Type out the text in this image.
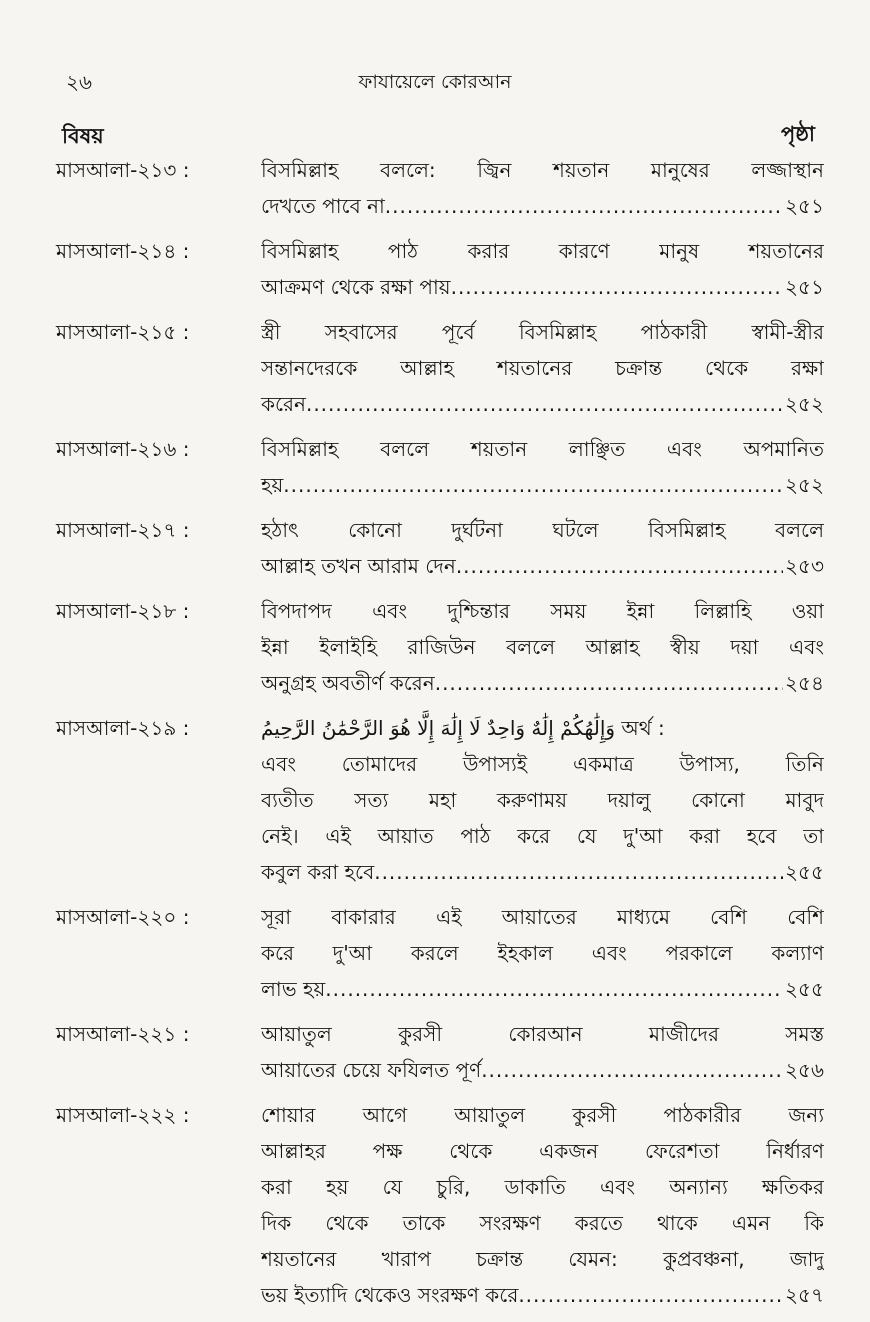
২৬	ফাযায়েলে কোরআন
বিষয়	পৃষ্ঠা
মাসআলা-২১৩ :	বিসমিল্লাহ বললে: জ্বিন শয়তান মানুষের লজ্জাস্থান
দেখতে পাবে না .....	২৫১
মাসআলা-২১৪ :	বিসমিল্লাহ পাঠ করার কারণে মানুষ শয়তানের
আক্রমণ থেকে রক্ষা পায় .....	২৫১
মাসআলা-২১৫ :	স্ত্রী সহবাসের পূর্বে বিসমিল্লাহ পাঠকারী স্বামী-স্ত্রীর
সন্তানদেরকে আল্লাহ শয়তানের চক্রান্ত থেকে রক্ষা
করেন .....	২৫২
মাসআলা-২১৬ :	বিসমিল্লাহ বললে শয়তান লাঞ্ছিত এবং অপমানিত
হয় .....	২৫২
মাসআলা-২১৭ :	হঠাৎ কোনো দুর্ঘটনা ঘটলে বিসমিল্লাহ বললে
আল্লাহ তখন আরাম দেন .....	২৫৩
মাসআলা-২১৮ :	বিপদাপদ এবং দুশ্চিন্তার সময় ইন্না লিল্লাহি ওয়া
ইন্না ইলাইহি রাজিউন বললে আল্লাহ স্বীয় দয়া এবং
অনুগ্রহ অবতীর্ণ করেন .....	২৫৪
মাসআলা-২১৯ :	وَإِلَٰهُكُمْ إِلَٰهٌ وَاحِدٌ لَا إِلَٰهَ إِلَّا هُوَ الرَّحْمَٰنُ الرَّحِيمُ অর্থ :
এবং তোমাদের উপাস্যই একমাত্র উপাস্য, তিনি
ব্যতীত সত্য মহা করুণাময় দয়ালু কোনো মাবুদ
নেই। এই আয়াত পাঠ করে যে দু'আ করা হবে তা
কবুল করা হবে .....	২৫৫
মাসআলা-২২০ :	সূরা বাকারার এই আয়াতের মাধ্যমে বেশি বেশি
করে দু'আ করলে ইহকাল এবং পরকালে কল্যাণ
লাভ হয় .....	২৫৫
মাসআলা-২২১ :	আয়াতুল কুরসী কোরআন মাজীদের সমস্ত
আয়াতের চেয়ে ফযিলত পূর্ণ .....	২৫৬
মাসআলা-২২২ :	শোয়ার আগে আয়াতুল কুরসী পাঠকারীর জন্য
আল্লাহর পক্ষ থেকে একজন ফেরেশতা নির্ধারণ
করা হয় যে চুরি, ডাকাতি এবং অন্যান্য ক্ষতিকর
দিক থেকে তাকে সংরক্ষণ করতে থাকে এমন কি
শয়তানের খারাপ চক্রান্ত যেমন: কুপ্রবঞ্চনা, জাদু
ভয় ইত্যাদি থেকেও সংরক্ষণ করে .....	২৫৭
